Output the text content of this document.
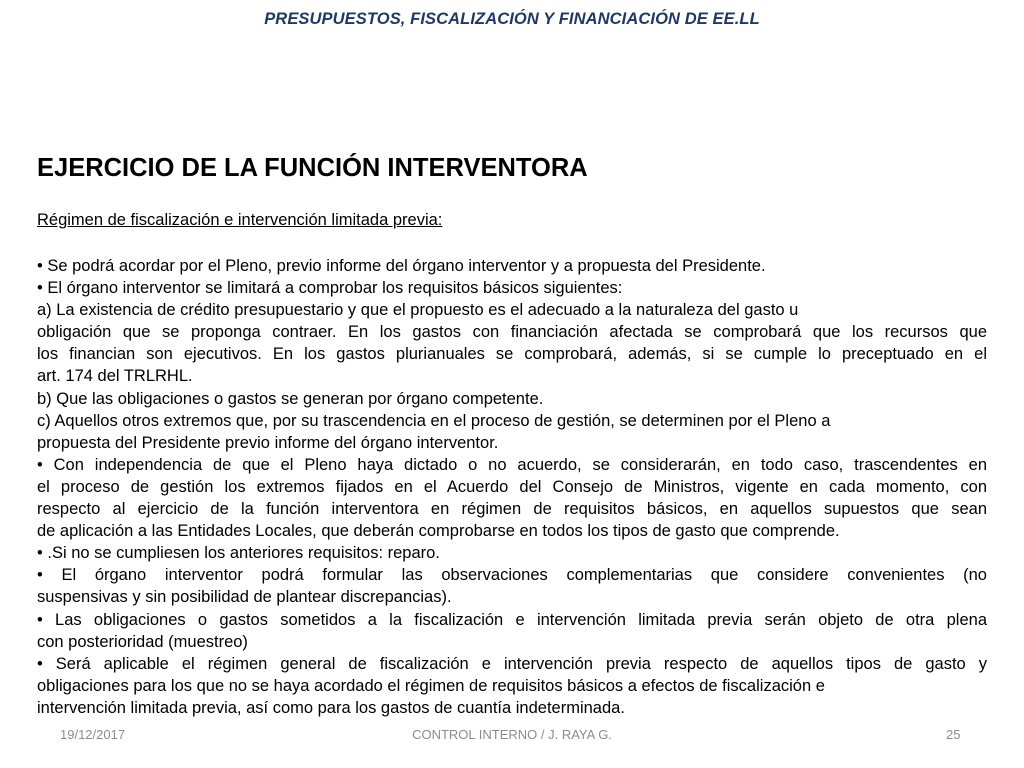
PRESUPUESTOS, FISCALIZACIÓN Y FINANCIACIÓN DE EE.LL
EJERCICIO DE LA FUNCIÓN INTERVENTORA
Régimen de fiscalización e intervención limitada previa:
• Se podrá acordar por el Pleno, previo informe del órgano interventor y a propuesta del Presidente.
• El órgano interventor se limitará a comprobar los requisitos básicos siguientes:
a) La existencia de crédito presupuestario y que el propuesto es el adecuado a la naturaleza del gasto u
obligación que se proponga contraer. En los gastos con financiación afectada se comprobará que los recursos que
los financian son ejecutivos. En los gastos plurianuales se comprobará, además, si se cumple lo preceptuado en el
art. 174 del TRLRHL.
b) Que las obligaciones o gastos se generan por órgano competente.
c) Aquellos otros extremos que, por su trascendencia en el proceso de gestión, se determinen por el Pleno a
propuesta del Presidente previo informe del órgano interventor.
• Con independencia de que el Pleno haya dictado o no acuerdo, se considerarán, en todo caso, trascendentes en
el proceso de gestión los extremos fijados en el Acuerdo del Consejo de Ministros, vigente en cada momento, con
respecto al ejercicio de la función interventora en régimen de requisitos básicos, en aquellos supuestos que sean
de aplicación a las Entidades Locales, que deberán comprobarse en todos los tipos de gasto que comprende.
• .Si no se cumpliesen los anteriores requisitos: reparo.
• El órgano interventor podrá formular las observaciones complementarias que considere convenientes (no
suspensivas y sin posibilidad de plantear discrepancias).
• Las obligaciones o gastos sometidos a la fiscalización e intervención limitada previa serán objeto de otra plena
con posterioridad (muestreo)
• Será aplicable el régimen general de fiscalización e intervención previa respecto de aquellos tipos de gasto y
obligaciones para los que no se haya acordado el régimen de requisitos básicos a efectos de fiscalización e
intervención limitada previa, así como para los gastos de cuantía indeterminada.
19/12/2017	CONTROL INTERNO / J. RAYA G.	25
